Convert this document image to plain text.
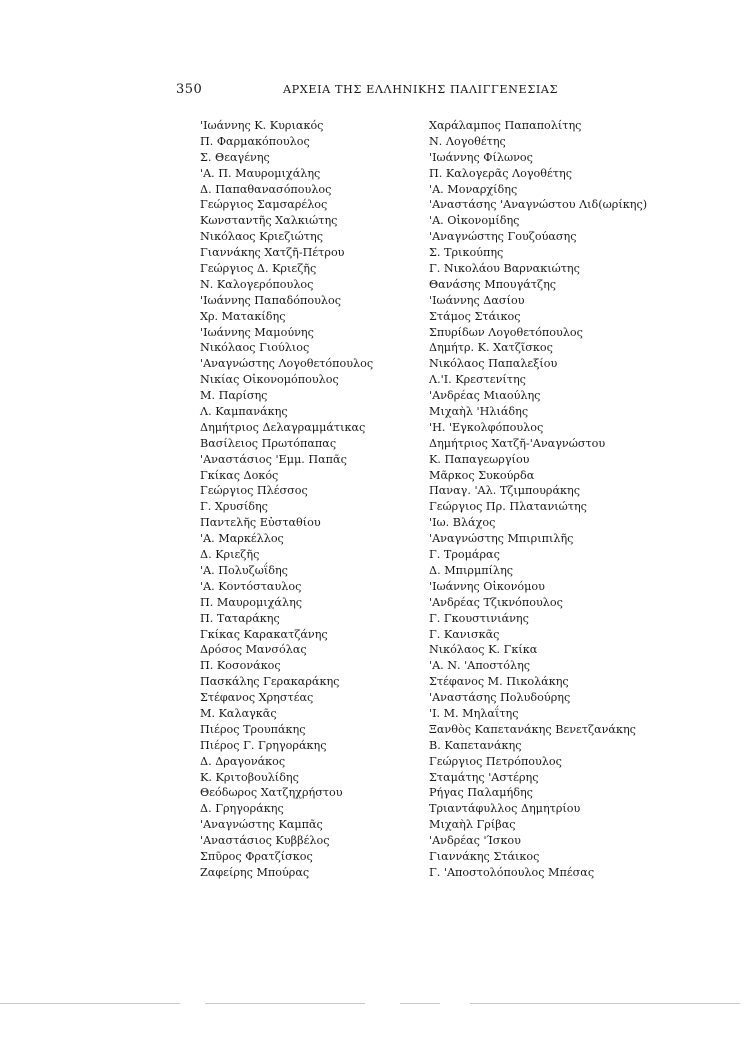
350	ΑΡΧΕΙΑ ΤΗΣ ΕΛΛΗΝΙΚΗΣ ΠΑΛΙΓΓΕΝΕΣΙΑΣ
'Ιωάννης Κ. Κυριακός
Π. Φαρμακόπουλος
Σ. Θεαγένης
'Α. Π. Μαυρομιχάλης
Δ. Παπαθανασόπουλος
Γεώργιος Σαμσαρέλος
Κωνσταντῆς Χαλκιώτης
Νικόλαος Κριεζιώτης
Γιαννάκης Χατζῆ-Πέτρου
Γεώργιος Δ. Κριεζῆς
Ν. Καλογερόπουλος
'Ιωάννης Παπαδόπουλος
Χρ. Ματακίδης
'Ιωάννης Μαμούνης
Νικόλαος Γιούλιος
'Αναγνώστης Λογοθετόπουλος
Νικίας Οἰκονομόπουλος
Μ. Παρίσης
Λ. Καμπανάκης
Δημήτριος Δελαγραμμάτικας
Βασίλειος Πρωτόπαπας
'Αναστάσιος 'Εμμ. Παπᾶς
Γκίκας Δοκός
Γεώργιος Πλέσσος
Γ. Χρυσίδης
Παντελῆς Εὐσταθίου
'Α. Μαρκέλλος
Δ. Κριεζῆς
'Α. Πολυζωΐδης
'Α. Κοντόσταυλος
Π. Μαυρομιχάλης
Π. Ταταράκης
Γκίκας Καρακατζάνης
Δρόσος Μανσόλας
Π. Κοσονάκος
Πασκάλης Γερακαράκης
Στέφανος Χρηστέας
Μ. Καλαγκᾶς
Πιέρος Τρουπάκης
Πιέρος Γ. Γρηγοράκης
Δ. Δραγονάκος
Κ. Κριτοβουλίδης
Θεόδωρος Χατζηχρήστου
Δ. Γρηγοράκης
'Αναγνώστης Καμπᾶς
'Αναστάσιος Κυββέλος
Σπῦρος Φρατζίσκος
Ζαφείρης Μπούρας
Χαράλαμπος Παπαπολίτης
Ν. Λογοθέτης
'Ιωάννης Φίλωνος
Π. Καλογερᾶς Λογοθέτης
'Α. Μοναρχίδης
'Αναστάσης 'Αναγνώστου Λιδ(ωρίκης)
'Α. Οἰκονομίδης
'Αναγνώστης Γουζούασης
Σ. Τρικούπης
Γ. Νικολάου Βαρνακιώτης
Θανάσης Μπουγάτζης
'Ιωάννης Δασίου
Στάμος Στάικος
Σπυρίδων Λογοθετόπουλος
Δημήτρ. Κ. Χατζῖσκος
Νικόλαος Παπαλεξίου
Λ.'Ι. Κρεστενίτης
'Ανδρέας Μιαούλης
Μιχαὴλ 'Ηλιάδης
'Η. 'Εγκολφόπουλος
Δημήτριος Χατζῆ-'Αναγνώστου
Κ. Παπαγεωργίου
Μᾶρκος Συκούρδα
Παναγ. 'Αλ. Τζιμπουράκης
Γεώργιος Πρ. Πλατανιώτης
'Ιω. Βλάχος
'Αναγνώστης Μπιριπιλῆς
Γ. Τρομάρας
Δ. Μπιρμπίλης
'Ιωάννης Οἰκονόμου
'Ανδρέας Τζικνόπουλος
Γ. Γκουστινιάνης
Γ. Κανισκᾶς
Νικόλαος Κ. Γκίκα
'Α. Ν. 'Αποστόλης
Στέφανος Μ. Πικολάκης
'Αναστάσης Πολυδούρης
'Ι. Μ. Μηλαΐτης
Ξανθὸς Καπετανάκης Βενετζανάκης
Β. Καπετανάκης
Γεώργιος Πετρόπουλος
Σταμάτης 'Αστέρης
Ρήγας Παλαμήδης
Τριαντάφυλλος Δημητρίου
Μιχαὴλ Γρίβας
'Ανδρέας 'Ίσκου
Γιαννάκης Στάικος
Γ. 'Αποστολόπουλος Μπέσας
